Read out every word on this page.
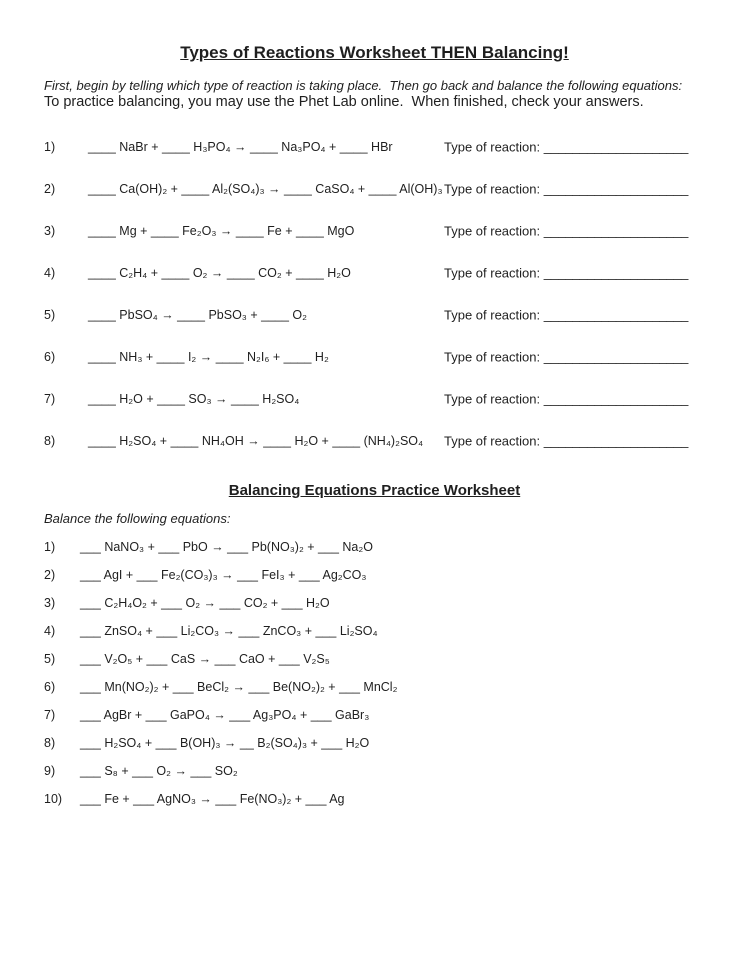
Types of Reactions Worksheet THEN Balancing!
First, begin by telling which type of reaction is taking place.  Then go back and balance the following equations:
To practice balancing, you may use the Phet Lab online.  When finished, check your answers.
1)	____ NaBr + ____ H₃PO₄ → ____ Na₃PO₄ + ____ HBr	Type of reaction: ____________________
2)	____ Ca(OH)₂ + ____ Al₂(SO₄)₃ → ____ CaSO₄ + ____ Al(OH)₃ Type of reaction: ____________________
3)	____ Mg + ____ Fe₂O₃ → ____ Fe + ____ MgO	Type of reaction: ____________________
4)	____ C₂H₄ + ____ O₂ → ____ CO₂ + ____ H₂O	Type of reaction: ____________________
5)	____ PbSO₄ → ____ PbSO₃ + ____ O₂	Type of reaction: ____________________
6)	____ NH₃ + ____ I₂ → ____ N₂I₆ + ____ H₂	Type of reaction: ____________________
7)	____ H₂O + ____ SO₃ → ____ H₂SO₄	Type of reaction: ____________________
8)	____ H₂SO₄ + ____ NH₄OH → ____ H₂O + ____ (NH₄)₂SO₄ Type of reaction: ____________________
Balancing Equations Practice Worksheet
Balance the following equations:
1)	___ NaNO₃ + ___ PbO → ___ Pb(NO₃)₂ + ___ Na₂O
2)	___ AgI + ___ Fe₂(CO₃)₃ → ___ FeI₃ + ___ Ag₂CO₃
3)	___ C₂H₄O₂ + ___ O₂ → ___ CO₂ + ___ H₂O
4)	___ ZnSO₄ + ___ Li₂CO₃ → ___ ZnCO₃ + ___ Li₂SO₄
5)	___ V₂O₅ + ___ CaS → ___ CaO + ___ V₂S₅
6)	___ Mn(NO₂)₂ + ___ BeCl₂ → ___ Be(NO₂)₂ + ___ MnCl₂
7)	___ AgBr + ___ GaPO₄ → ___ Ag₃PO₄ + ___ GaBr₃
8)	___ H₂SO₄ + ___ B(OH)₃ → __ B₂(SO₄)₃ + ___ H₂O
9)	___ S₈ + ___ O₂ → ___ SO₂
10)	___ Fe + ___ AgNO₃ → ___ Fe(NO₃)₂ + ___ Ag
